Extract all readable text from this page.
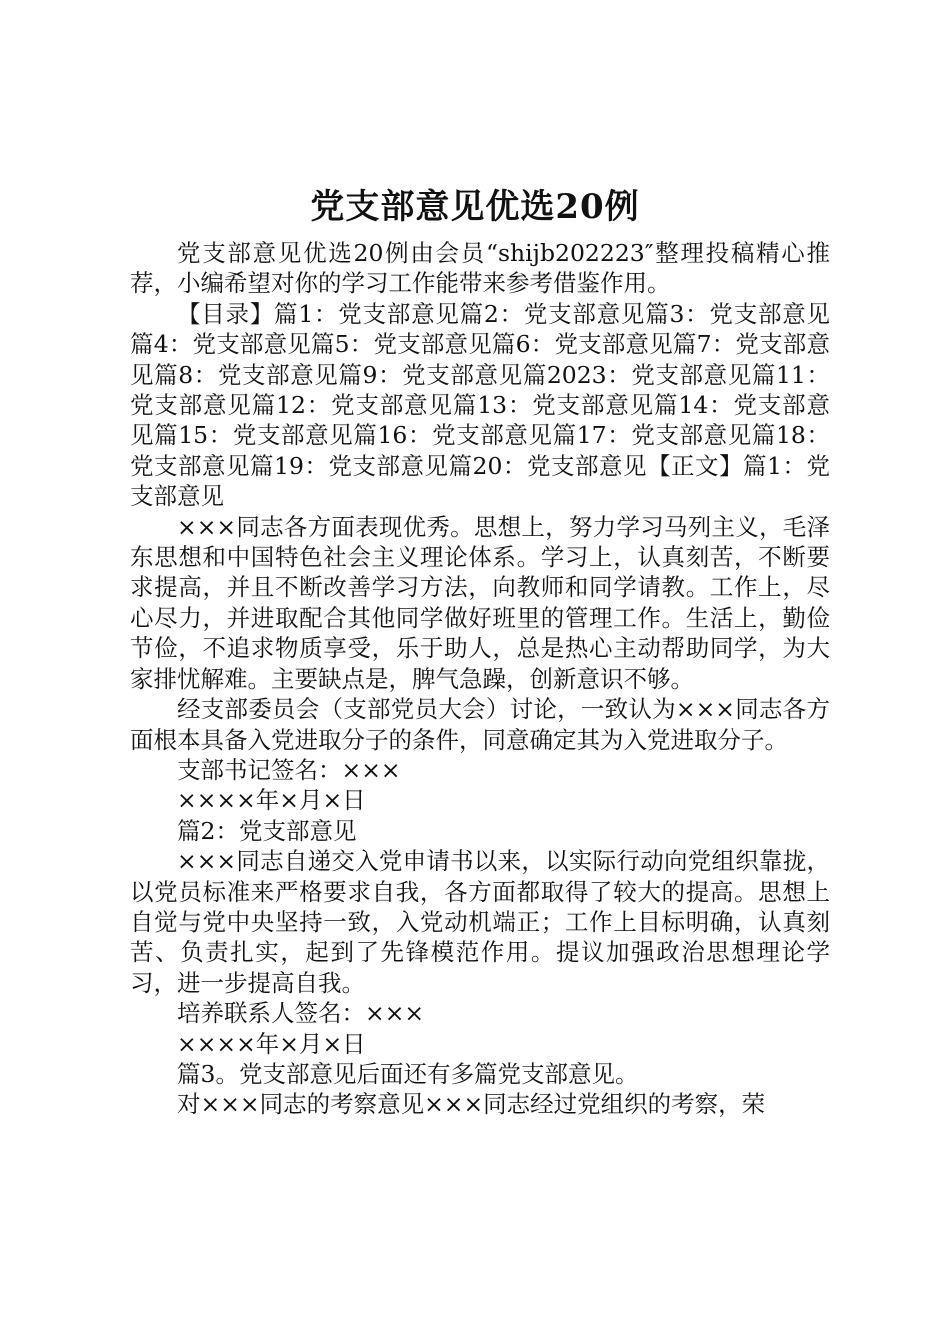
党支部意见优选20例

党支部意见优选20例由会员“shijb202223″整理投稿精心推荐，小编希望对你的学习工作能带来参考借鉴作用。

【目录】篇1：党支部意见篇2：党支部意见篇3：党支部意见篇4：党支部意见篇5：党支部意见篇6：党支部意见篇7：党支部意见篇8：党支部意见篇9：党支部意见篇2023：党支部意见篇11：党支部意见篇12：党支部意见篇13：党支部意见篇14：党支部意见篇15：党支部意见篇16：党支部意见篇17：党支部意见篇18：党支部意见篇19：党支部意见篇20：党支部意见【正文】篇1：党支部意见

×××同志各方面表现优秀。思想上，努力学习马列主义，毛泽东思想和中国特色社会主义理论体系。学习上，认真刻苦，不断要求提高，并且不断改善学习方法，向教师和同学请教。工作上，尽心尽力，并进取配合其他同学做好班里的管理工作。生活上，勤俭节俭，不追求物质享受，乐于助人，总是热心主动帮助同学，为大家排忧解难。主要缺点是，脾气急躁，创新意识不够。

经支部委员会（支部党员大会）讨论，一致认为×××同志各方面根本具备入党进取分子的条件，同意确定其为入党进取分子。

支部书记签名：×××

××××年×月×日

篇2：党支部意见

×××同志自递交入党申请书以来，以实际行动向党组织靠拢，以党员标准来严格要求自我，各方面都取得了较大的提高。思想上自觉与党中央坚持一致，入党动机端正；工作上目标明确，认真刻苦、负责扎实，起到了先锋模范作用。提议加强政治思想理论学习，进一步提高自我。

培养联系人签名：×××

××××年×月×日

篇3。党支部意见后面还有多篇党支部意见。

对×××同志的考察意见×××同志经过党组织的考察，荣
